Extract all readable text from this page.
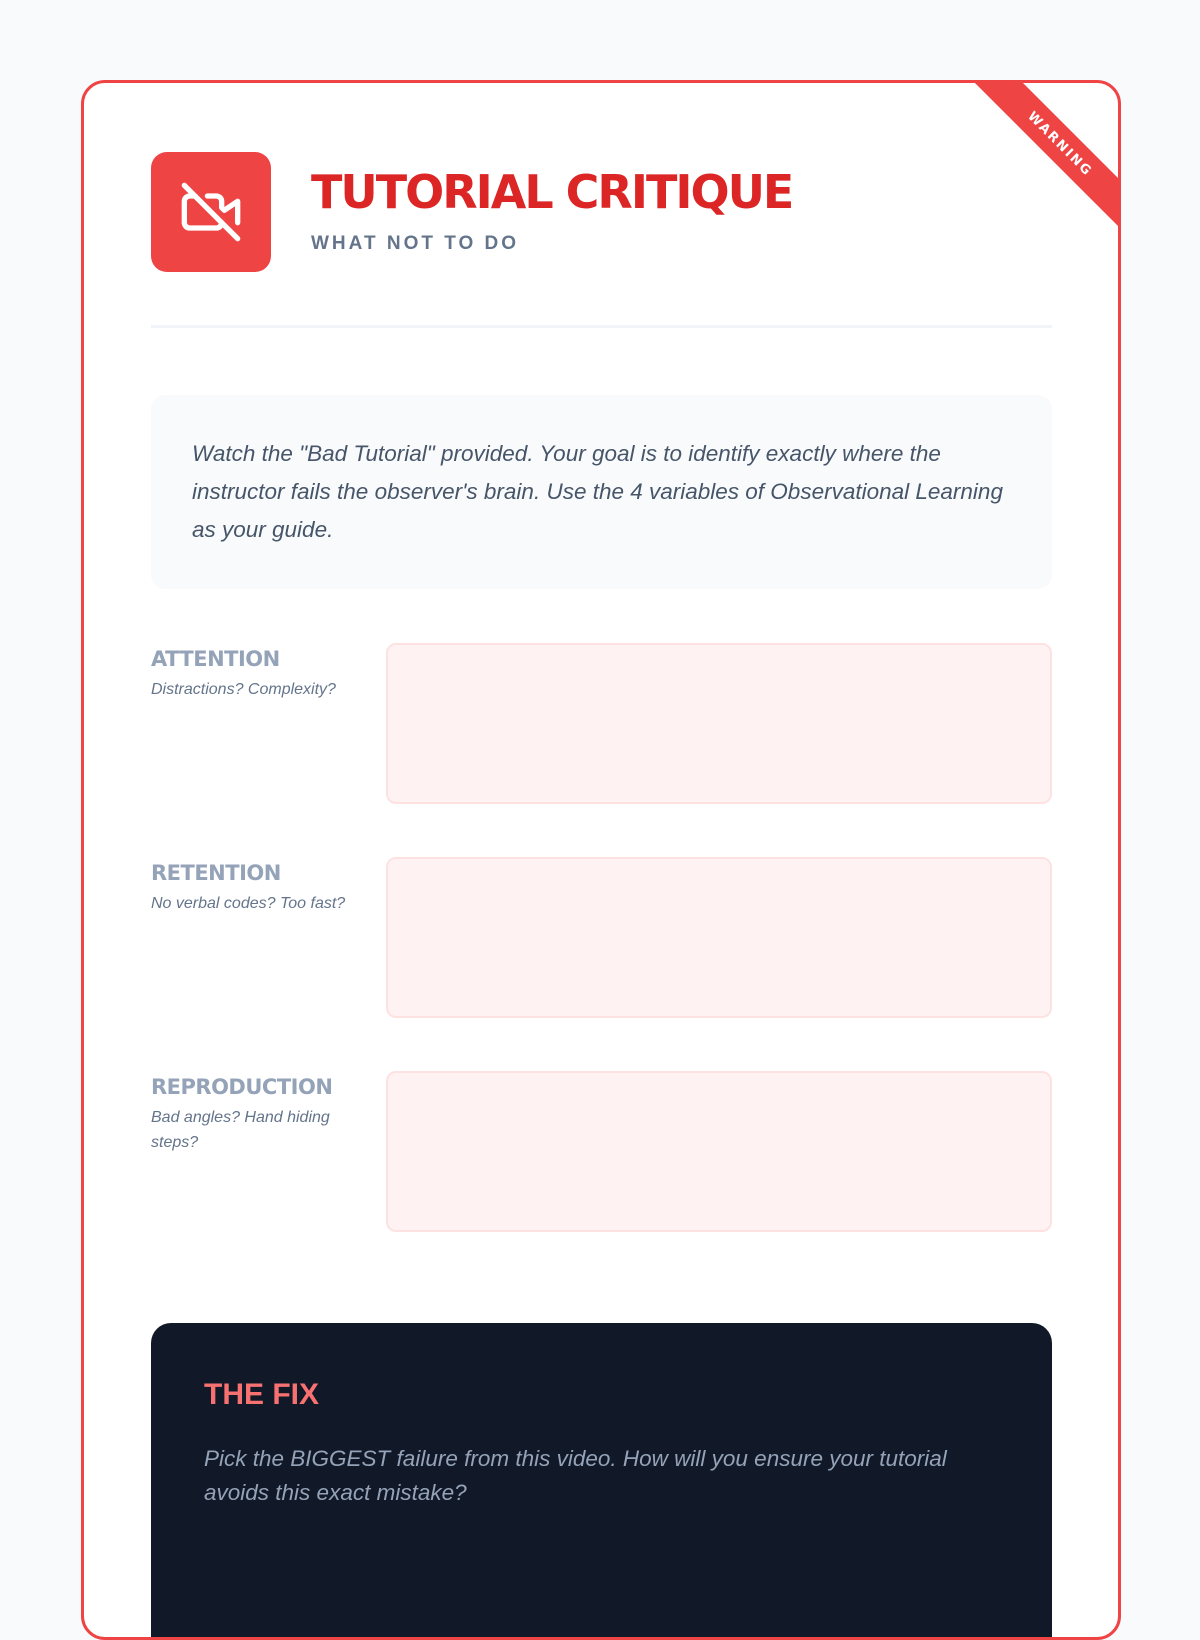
WARNING
TUTORIAL CRITIQUE
WHAT NOT TO DO
Watch the "Bad Tutorial" provided. Your goal is to identify exactly where the instructor fails the observer's brain. Use the 4 variables of Observational Learning as your guide.
ATTENTION
Distractions? Complexity?
RETENTION
No verbal codes? Too fast?
REPRODUCTION
Bad angles? Hand hiding steps?
THE FIX
Pick the BIGGEST failure from this video. How will you ensure your tutorial avoids this exact mistake?
